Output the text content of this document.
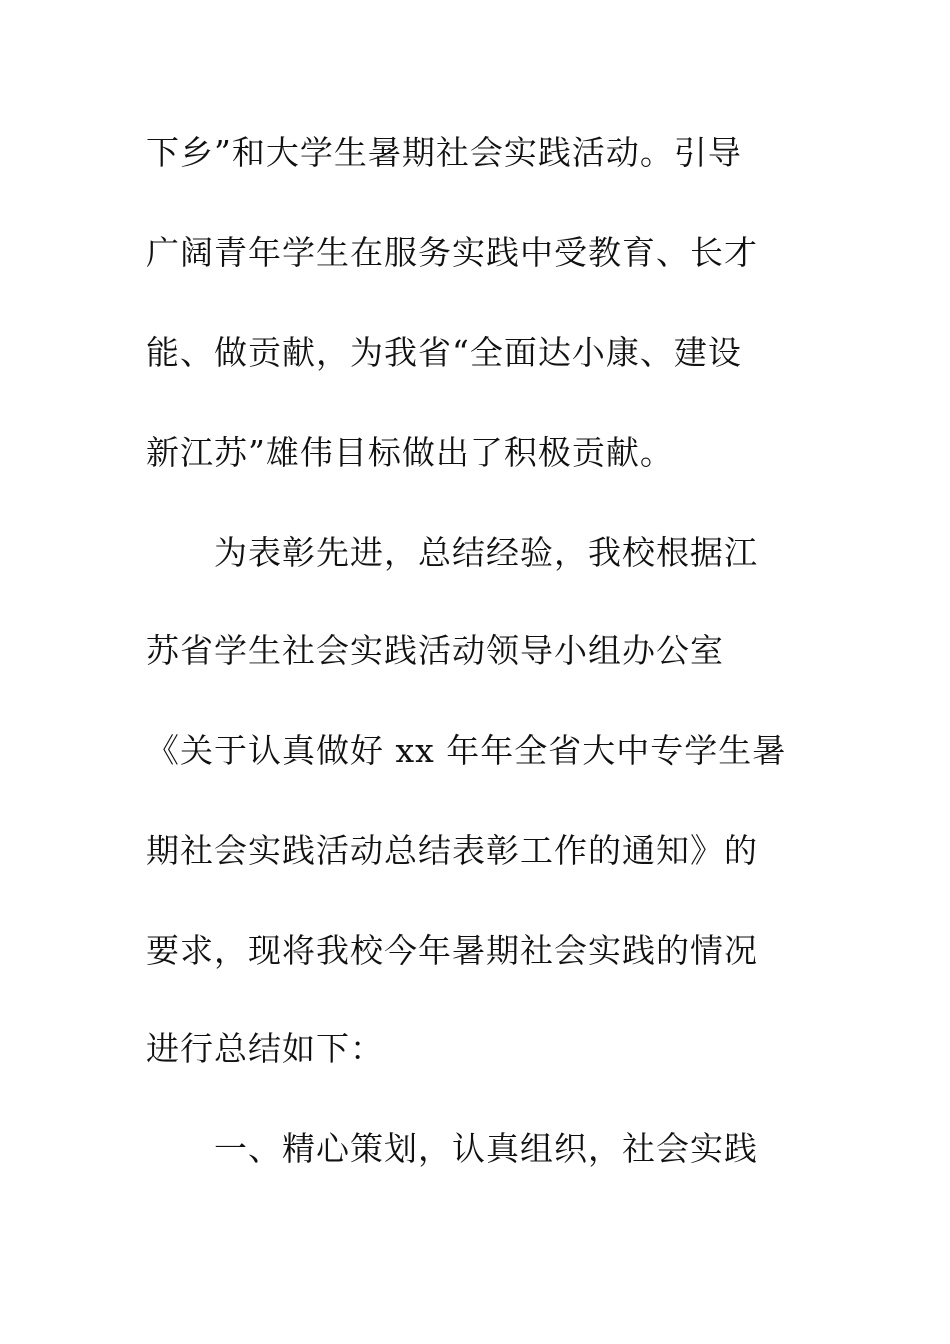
下乡”和大学生暑期社会实践活动。引导
广阔青年学生在服务实践中受教育、长才
能、做贡献，为我省“全面达小康、建设
新江苏”雄伟目标做出了积极贡献。
为表彰先进，总结经验，我校根据江
苏省学生社会实践活动领导小组办公室
《关于认真做好 xx 年年全省大中专学生暑
期社会实践活动总结表彰工作的通知》的
要求，现将我校今年暑期社会实践的情况
进行总结如下：
一、精心策划，认真组织，社会实践
